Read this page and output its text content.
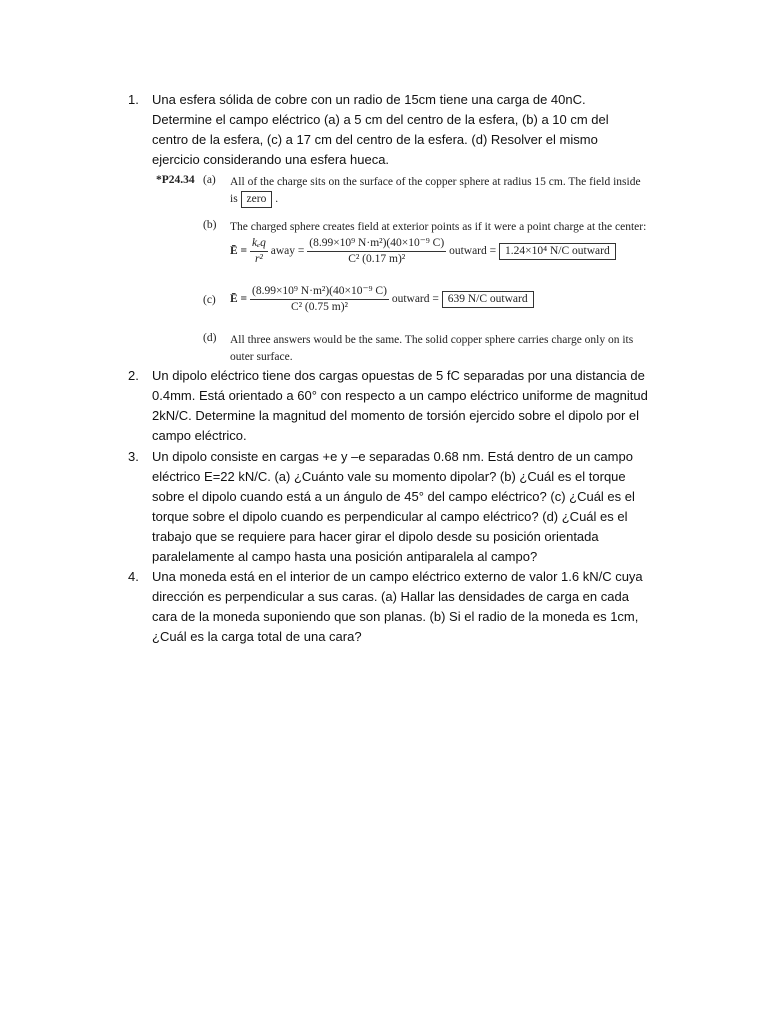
1.	Una esfera sólida de cobre con un radio de 15cm tiene una carga de 40nC. Determine el campo eléctrico (a) a 5 cm del centro de la esfera, (b) a 10 cm del centro de la esfera, (c) a 17 cm del centro de la esfera. (d) Resolver el mismo ejercicio considerando una esfera hueca.
*P24.34 (a)	All of the charge sits on the surface of the copper sphere at radius 15 cm. The field inside is zero .
(b)	The charged sphere creates field at exterior points as if it were a point charge at the center:
Ē = $\frac{\text{kₑq}}{\text{r²}}$ away = $\frac{\text{(8.99×10⁹ N·m²)(40×10⁻⁹ C)}}{\text{C² (0.17 m)²}}$ outward = 1.24×10⁴ N/C outward
(c)	Ē = $\frac{\text{(8.99×10⁹ N·m²)(40×10⁻⁹ C)}}{\text{C² (0.75 m)²}}$ outward = 639 N/C outward
(d)	All three answers would be the same. The solid copper sphere carries charge only on its outer surface.
2.	Un dipolo eléctrico tiene dos cargas opuestas de 5 fC separadas por una distancia de 0.4mm. Está orientado a 60° con respecto a un campo eléctrico uniforme de magnitud 2kN/C. Determine la magnitud del momento de torsión ejercido sobre el dipolo por el campo eléctrico.
3.	Un dipolo consiste en cargas +e y –e separadas 0.68 nm. Está dentro de un campo eléctrico E=22 kN/C. (a) ¿Cuánto vale su momento dipolar? (b) ¿Cuál es el torque sobre el dipolo cuando está a un ángulo de 45° del campo eléctrico? (c) ¿Cuál es el torque sobre el dipolo cuando es perpendicular al campo eléctrico? (d) ¿Cuál es el trabajo que se requiere para hacer girar el dipolo desde su posición orientada paralelamente al campo hasta una posición antiparalela al campo?
4.	Una moneda está en el interior de un campo eléctrico externo de valor 1.6 kN/C cuya dirección es perpendicular a sus caras. (a) Hallar las densidades de carga en cada cara de la moneda suponiendo que son planas. (b) Si el radio de la moneda es 1cm, ¿Cuál es la carga total de una cara?
